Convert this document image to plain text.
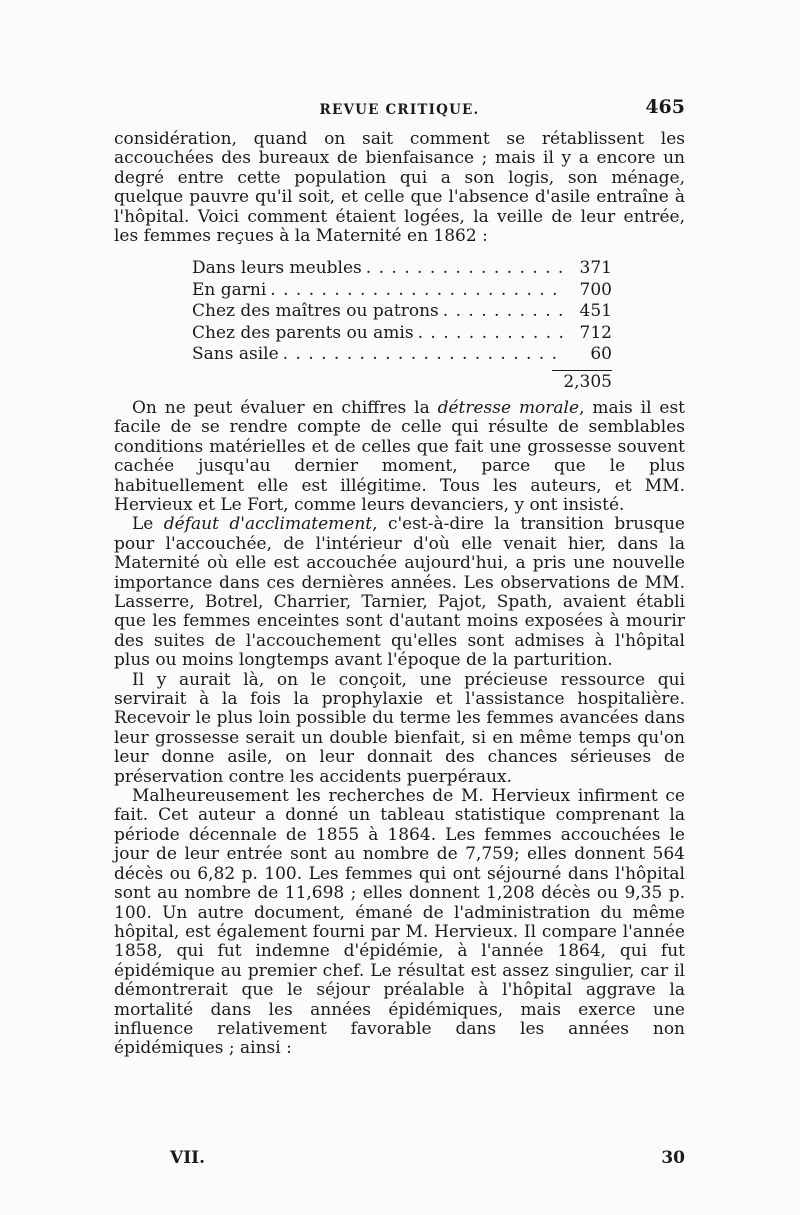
REVUE CRITIQUE.	465

considération, quand on sait comment se rétablissent les accouchées des bureaux de bienfaisance ; mais il y a encore un degré entre cette population qui a son logis, son ménage, quelque pauvre qu'il soit, et celle que l'absence d'asile entraîne à l'hôpital. Voici comment étaient logées, la veille de leur entrée, les femmes reçues à la Maternité en 1862 :

Dans leurs meubles . . .	371
En garni . . .	700
Chez des maîtres ou patrons . . .	451
Chez des parents ou amis . . .	712
Sans asile . . .	60
2,305

On ne peut évaluer en chiffres la détresse morale, mais il est facile de se rendre compte de celle qui résulte de semblables conditions matérielles et de celles que fait une grossesse souvent cachée jusqu'au dernier moment, parce que le plus habituellement elle est illégitime. Tous les auteurs, et MM. Hervieux et Le Fort, comme leurs devanciers, y ont insisté.

Le défaut d'acclimatement, c'est-à-dire la transition brusque pour l'accouchée, de l'intérieur d'où elle venait hier, dans la Maternité où elle est accouchée aujourd'hui, a pris une nouvelle importance dans ces dernières années. Les observations de MM. Lasserre, Botrel, Charrier, Tarnier, Pajot, Spath, avaient établi que les femmes enceintes sont d'autant moins exposées à mourir des suites de l'accouchement qu'elles sont admises à l'hôpital plus ou moins longtemps avant l'époque de la parturition.

Il y aurait là, on le conçoit, une précieuse ressource qui servirait à la fois la prophylaxie et l'assistance hospitalière. Recevoir le plus loin possible du terme les femmes avancées dans leur grossesse serait un double bienfait, si en même temps qu'on leur donne asile, on leur donnait des chances sérieuses de préservation contre les accidents puerpéraux.

Malheureusement les recherches de M. Hervieux infirment ce fait. Cet auteur a donné un tableau statistique comprenant la période décennale de 1855 à 1864. Les femmes accouchées le jour de leur entrée sont au nombre de 7,759; elles donnent 564 décès ou 6,82 p. 100. Les femmes qui ont séjourné dans l'hôpital sont au nombre de 11,698 ; elles donnent 1,208 décès ou 9,35 p. 100. Un autre document, émané de l'administration du même hôpital, est également fourni par M. Hervieux. Il compare l'année 1858, qui fut indemne d'épidémie, à l'année 1864, qui fut épidémique au premier chef. Le résultat est assez singulier, car il démontrerait que le séjour préalable à l'hôpital aggrave la mortalité dans les années épidémiques, mais exerce une influence relativement favorable dans les années non épidémiques ; ainsi :

VII.	30
